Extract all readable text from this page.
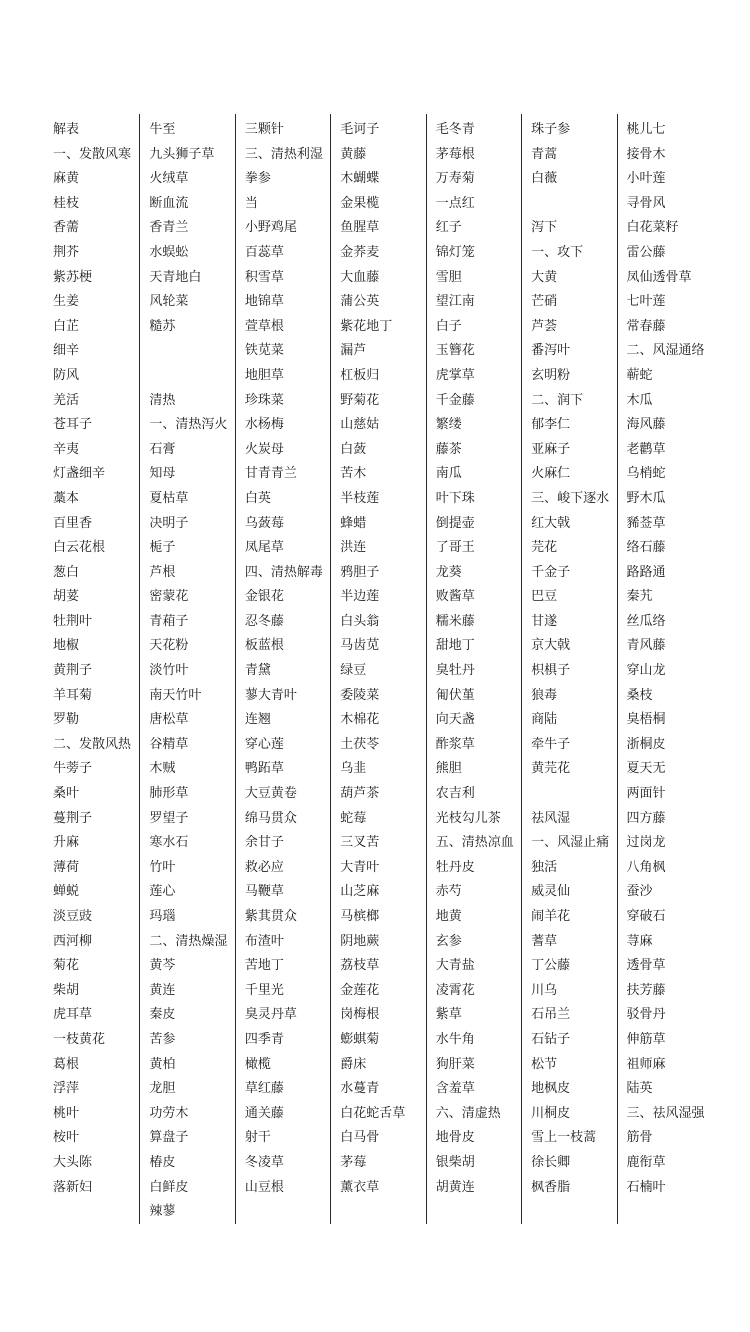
解表
一、发散风寒
麻黄
桂枝
香薷
荆芥
紫苏梗
生姜
白芷
细辛
防风
羌活
苍耳子
辛夷
灯盏细辛
藁本
百里香
白云花根
葱白
胡荽
牡荆叶
地椒
黄荆子
羊耳菊
罗勒
二、发散风热
牛蒡子
桑叶
蔓荆子
升麻
薄荷
蝉蜕
淡豆豉
西河柳
菊花
柴胡
虎耳草
一枝黄花
葛根
浮萍
桃叶
桉叶
大头陈
落新妇
牛至
九头狮子草
火绒草
断血流
香青兰
水蜈蚣
天青地白
风轮菜
糙苏
清热
一、清热泻火
石膏
知母
夏枯草
决明子
栀子
芦根
密蒙花
青葙子
天花粉
淡竹叶
南天竹叶
唐松草
谷精草
木贼
肺形草
罗望子
寒水石
竹叶
莲心
玛瑙
二、清热燥湿
黄芩
黄连
秦皮
苦参
黄柏
龙胆
功劳木
算盘子
椿皮
白鲜皮
辣蓼
三颗针
三、清热利湿
拳参
当
小野鸡尾
百蕊草
积雪草
地锦草
萱草根
铁苋菜
地胆草
珍珠菜
水杨梅
火炭母
甘青青兰
白英
乌蔹莓
凤尾草
四、清热解毒
金银花
忍冬藤
板蓝根
青黛
蓼大青叶
连翘
穿心莲
鸭跖草
大豆黄卷
绵马贯众
余甘子
救必应
马鞭草
紫萁贯众
布渣叶
苦地丁
千里光
臭灵丹草
四季青
橄榄
草红藤
通关藤
射干
冬凌草
山豆根
毛诃子
黄藤
木蝴蝶
金果榄
鱼腥草
金荞麦
大血藤
蒲公英
紫花地丁
漏芦
杠板归
野菊花
山慈姑
白蔹
苦木
半枝莲
蜂蜡
洪连
鸦胆子
半边莲
白头翁
马齿苋
绿豆
委陵菜
木棉花
土茯苓
乌韭
葫芦茶
蛇莓
三叉苦
大青叶
山芝麻
马槟榔
阴地蕨
荔枝草
金莲花
岗梅根
蟛蜞菊
爵床
水蔓青
白花蛇舌草
白马骨
茅莓
薰衣草
毛冬青
茅莓根
万寿菊
一点红
红子
锦灯笼
雪胆
望江南
白子
玉簪花
虎掌草
千金藤
繁缕
藤茶
南瓜
叶下珠
倒提壶
了哥王
龙葵
败酱草
糯米藤
甜地丁
臭牡丹
匍伏堇
向天盏
酢浆草
熊胆
农吉利
光枝勾儿茶
五、清热凉血
牡丹皮
赤芍
地黄
玄参
大青盐
凌霄花
紫草
水牛角
狗肝菜
含羞草
六、清虚热
地骨皮
银柴胡
胡黄连
珠子参
青蒿
白薇
泻下
一、攻下
大黄
芒硝
芦荟
番泻叶
玄明粉
二、润下
郁李仁
亚麻子
火麻仁
三、峻下逐水
红大戟
芫花
千金子
巴豆
甘遂
京大戟
枳椇子
狼毒
商陆
牵牛子
黄芫花
祛风湿
一、风湿止痛
独活
威灵仙
闹羊花
蓍草
丁公藤
川乌
石吊兰
石钻子
松节
地枫皮
川桐皮
雪上一枝蒿
徐长卿
枫香脂
桃儿七
接骨木
小叶莲
寻骨风
白花菜籽
雷公藤
凤仙透骨草
七叶莲
常春藤
二、风湿通络
蕲蛇
木瓜
海风藤
老鹳草
乌梢蛇
野木瓜
豨莶草
络石藤
路路通
秦艽
丝瓜络
青风藤
穿山龙
桑枝
臭梧桐
浙桐皮
夏天无
两面针
四方藤
过岗龙
八角枫
蚕沙
穿破石
荨麻
透骨草
扶芳藤
驳骨丹
伸筋草
祖师麻
陆英
三、祛风湿强
筋骨
鹿衔草
石楠叶
